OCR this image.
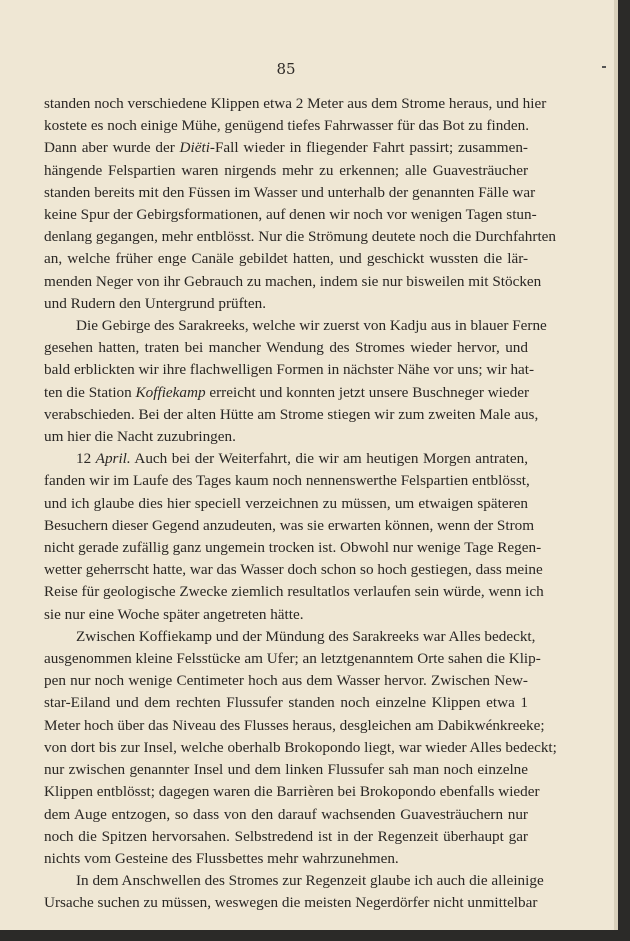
85
standen noch verschiedene Klippen etwa 2 Meter aus dem Strome heraus, und hier
kostete es noch einige Mühe, genügend tiefes Fahrwasser für das Bot zu finden.
Dann aber wurde der Diëti-Fall wieder in fliegender Fahrt passirt; zusammen-
hängende Felspartien waren nirgends mehr zu erkennen; alle Guavesträucher
standen bereits mit den Füssen im Wasser und unterhalb der genannten Fälle war
keine Spur der Gebirgsformationen, auf denen wir noch vor wenigen Tagen stun-
denlang gegangen, mehr entblösst. Nur die Strömung deutete noch die Durchfahrten
an, welche früher enge Canäle gebildet hatten, und geschickt wussten die lär-
menden Neger von ihr Gebrauch zu machen, indem sie nur bisweilen mit Stöcken
und Rudern den Untergrund prüften.
Die Gebirge des Sarakreeks, welche wir zuerst von Kadju aus in blauer Ferne
gesehen hatten, traten bei mancher Wendung des Stromes wieder hervor, und
bald erblickten wir ihre flachwelligen Formen in nächster Nähe vor uns; wir hat-
ten die Station Koffiekamp erreicht und konnten jetzt unsere Buschneger wieder
verabschieden. Bei der alten Hütte am Strome stiegen wir zum zweiten Male aus,
um hier die Nacht zuzubringen.
12 April. Auch bei der Weiterfahrt, die wir am heutigen Morgen antraten,
fanden wir im Laufe des Tages kaum noch nennenswerthe Felspartien entblösst,
und ich glaube dies hier speciell verzeichnen zu müssen, um etwaigen späteren
Besuchern dieser Gegend anzudeuten, was sie erwarten können, wenn der Strom
nicht gerade zufällig ganz ungemein trocken ist. Obwohl nur wenige Tage Regen-
wetter geherrscht hatte, war das Wasser doch schon so hoch gestiegen, dass meine
Reise für geologische Zwecke ziemlich resultatlos verlaufen sein würde, wenn ich
sie nur eine Woche später angetreten hätte.
Zwischen Koffiekamp und der Mündung des Sarakreeks war Alles bedeckt,
ausgenommen kleine Felsstücke am Ufer; an letztgenanntem Orte sahen die Klip-
pen nur noch wenige Centimeter hoch aus dem Wasser hervor. Zwischen New-
star-Eiland und dem rechten Flussufer standen noch einzelne Klippen etwa 1
Meter hoch über das Niveau des Flusses heraus, desgleichen am Dabikwénkreeke;
von dort bis zur Insel, welche oberhalb Brokopondo liegt, war wieder Alles bedeckt;
nur zwischen genannter Insel und dem linken Flussufer sah man noch einzelne
Klippen entblösst; dagegen waren die Barrièren bei Brokopondo ebenfalls wieder
dem Auge entzogen, so dass von den darauf wachsenden Guavesträuchern nur
noch die Spitzen hervorsahen. Selbstredend ist in der Regenzeit überhaupt gar
nichts vom Gesteine des Flussbettes mehr wahrzunehmen.
In dem Anschwellen des Stromes zur Regenzeit glaube ich auch die alleinige
Ursache suchen zu müssen, weswegen die meisten Negerdörfer nicht unmittelbar
